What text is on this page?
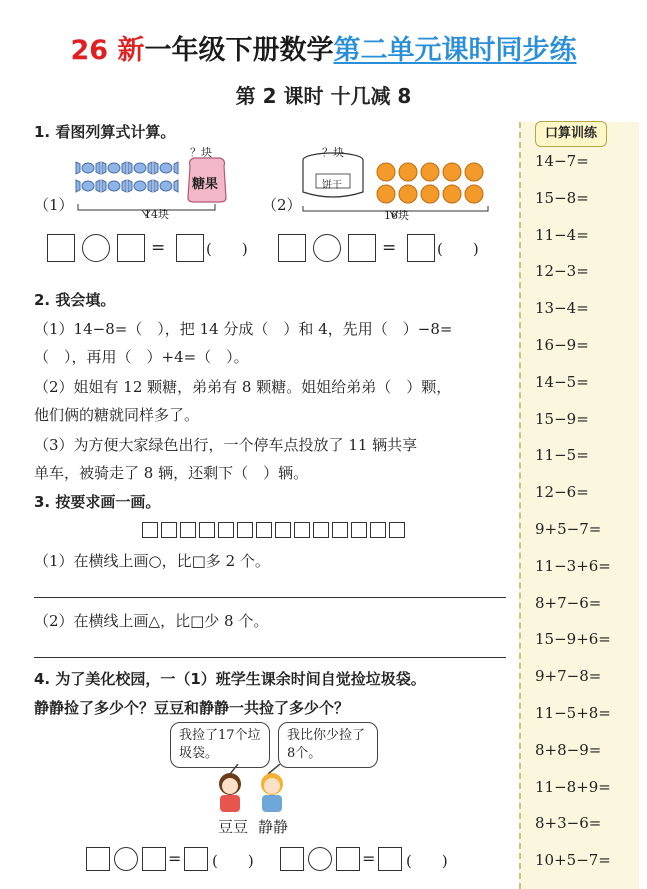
26 新一年级下册数学第二单元课时同步练
第 2 课时 十几减 8
口算训练
14−7=
15−8=
11−4=
12−3=
13−4=
16−9=
14−5=
15−9=
11−5=
12−6=
9+5−7=
11−3+6=
8+7−6=
15−9+6=
9+7−8=
11−5+8=
8+8−9=
11−8+9=
8+3−6=
10+5−7=
1. 看图列算式计算。
（1）
？块
糖果
14块
（2）
？块
饼干
16块
=	(　　)	=	(　　)
2. 我会填。
（1）14−8=（　），把 14 分成（　）和 4，先用（　）−8=
（　），再用（　）+4=（　）。
（2）姐姐有 12 颗糖，弟弟有 8 颗糖。姐姐给弟弟（　）颗，
他们俩的糖就同样多了。
（3）为方便大家绿色出行，一个停车点投放了 11 辆共享
单车，被骑走了 8 辆，还剩下（　）辆。
3. 按要求画一画。
（1）在横线上画○，比□多 2 个。
（2）在横线上画△，比□少 8 个。
4. 为了美化校园，一（1）班学生课余时间自觉捡垃圾袋。
静静捡了多少个？豆豆和静静一共捡了多少个？
我捡了17个垃圾袋。
我比你少捡了8个。
豆豆 静静
= (　　)	= (　　)
